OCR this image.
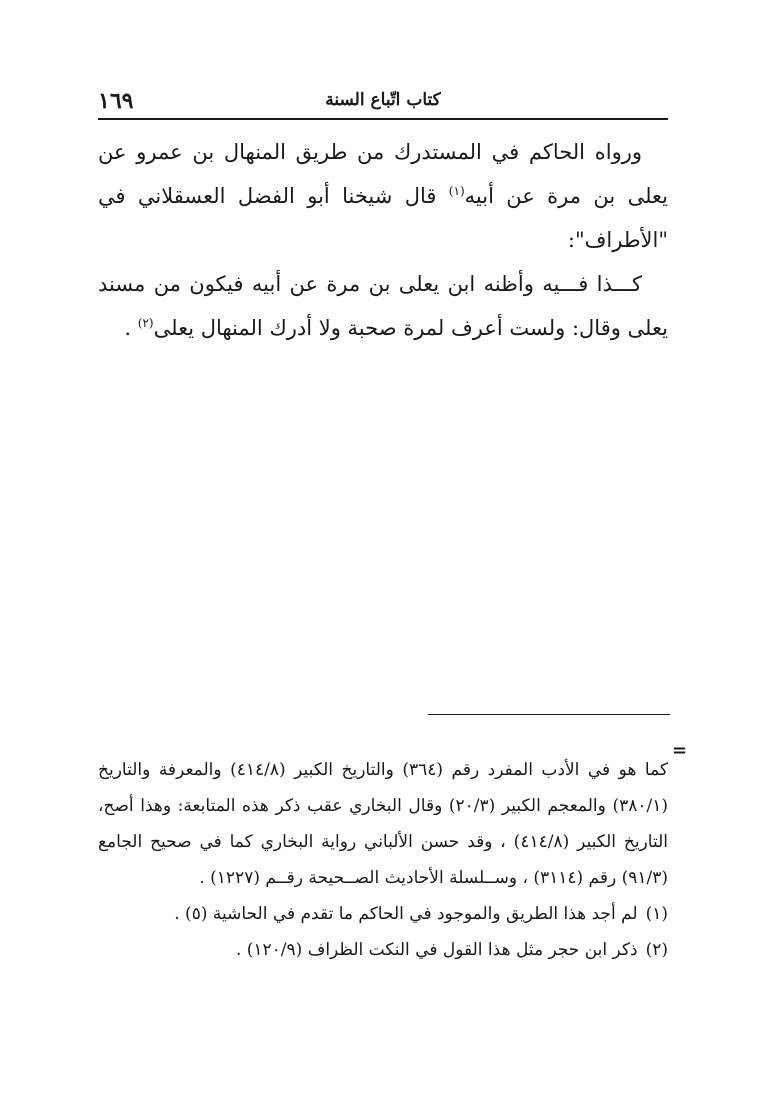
كتاب اتّباع السنة
١٦٩

ورواه الحاكم في المستدرك من طريق المنهال بن عمرو عن يعلى بن مرة عن أبيه$^{(١)}$ قال شيخنا أبو الفضل العسقلاني في "الأطراف":

كـــذا فـــيه وأظنه ابن يعلى بن مرة عن أبيه فيكون من مسند يعلى وقال: ولست أعرف لمرة صحبة ولا أدرك المنهال يعلى$^{(٢)}$ .

=

كما هو في الأدب المفرد رقم (٣٦٤) والتاريخ الكبير (٤١٤/٨) والمعرفة والتاريخ (٣٨٠/١) والمعجم الكبير (٢٠/٣) وقال البخاري عقب ذكر هذه المتابعة: وهذا أصح، التاريخ الكبير (٤١٤/٨) ، وقد حسن الألباني رواية البخاري كما في صحيح الجامع (٩١/٣) رقم (٣١١٤) ، وســلسلة الأحاديث الصــحيحة رقــم (١٢٢٧) .

(١)لم أجد هذا الطريق والموجود في الحاكم ما تقدم في الحاشية (٥) .

(٢)ذكر ابن حجر مثل هذا القول في النكت الظراف (١٢٠/٩) .
